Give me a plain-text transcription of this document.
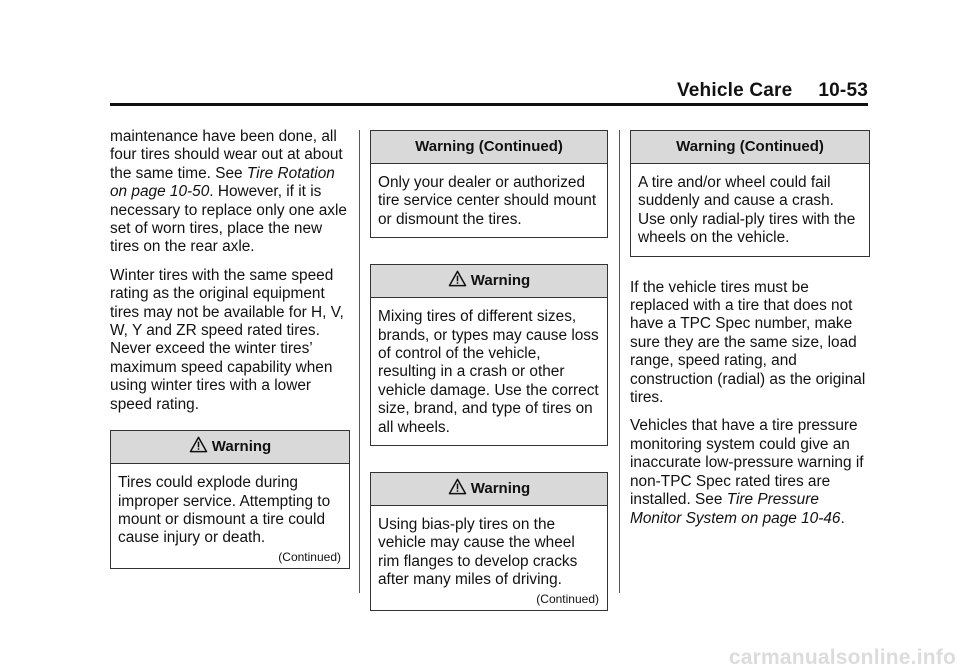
Vehicle Care 10-53

maintenance have been done, all four tires should wear out at about the same time. See Tire Rotation on page 10-50. However, if it is necessary to replace only one axle set of worn tires, place the new tires on the rear axle.

Winter tires with the same speed rating as the original equipment tires may not be available for H, V, W, Y and ZR speed rated tires. Never exceed the winter tires’ maximum speed capability when using winter tires with a lower speed rating.

Warning
Tires could explode during improper service. Attempting to mount or dismount a tire could cause injury or death.
(Continued)
Warning (Continued)
Only your dealer or authorized tire service center should mount or dismount the tires.
Warning
Mixing tires of different sizes, brands, or types may cause loss of control of the vehicle, resulting in a crash or other vehicle damage. Use the correct size, brand, and type of tires on all wheels.
Warning
Using bias-ply tires on the vehicle may cause the wheel rim flanges to develop cracks after many miles of driving.
(Continued)
Warning (Continued)
A tire and/or wheel could fail suddenly and cause a crash. Use only radial-ply tires with the wheels on the vehicle.

If the vehicle tires must be replaced with a tire that does not have a TPC Spec number, make sure they are the same size, load range, speed rating, and construction (radial) as the original tires.

Vehicles that have a tire pressure monitoring system could give an inaccurate low-pressure warning if non-TPC Spec rated tires are installed. See Tire Pressure Monitor System on page 10-46.

carmanualsonline.info
